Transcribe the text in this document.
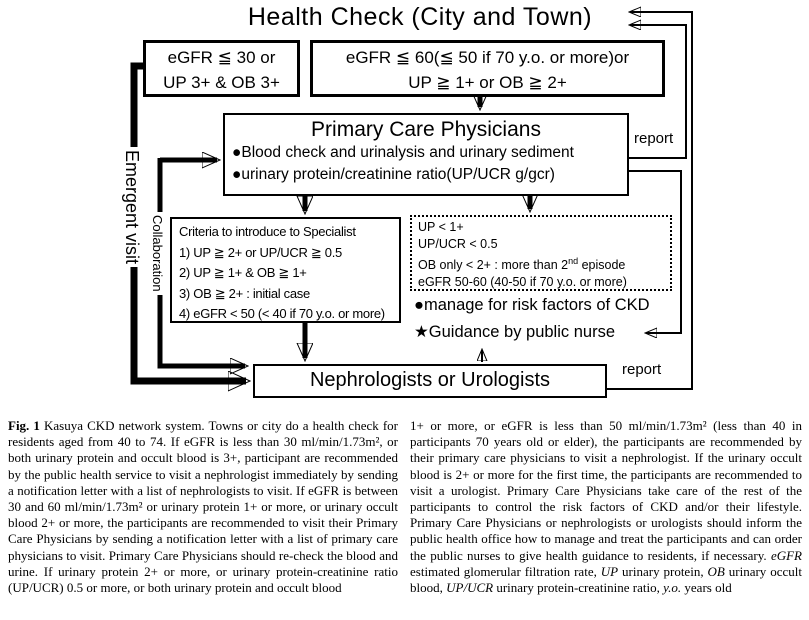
Health Check (City and Town)
eGFR ≦ 30 or
UP 3+ & OB 3+
eGFR ≦ 60(≦ 50 if 70 y.o. or more)or
UP ≧ 1+ or OB ≧ 2+
Primary Care Physicians
●Blood check and urinalysis and urinary sediment
●urinary protein/creatinine ratio(UP/UCR g/gcr)
Criteria to introduce to Specialist
1) UP ≧ 2+ or UP/UCR ≧ 0.5
2) UP ≧ 1+ & OB ≧ 1+
3) OB ≧ 2+ : initial case
4) eGFR < 50 (< 40 if 70 y.o. or more)
UP < 1+
UP/UCR < 0.5
OB only < 2+ : more than 2nd episode
eGFR 50-60 (40-50 if 70 y.o. or more)
●manage for risk factors of CKD
★Guidance by public nurse
Nephrologists or Urologists
Emergent visit Collaboration
report
report
Fig. 1 Kasuya CKD network system. Towns or city do a health check for residents aged from 40 to 74. If eGFR is less than 30 ml/min/1.73m², or both urinary protein and occult blood is 3+, participant are recommended by the public health service to visit a nephrologist immediately by sending a notification letter with a list of nephrologists to visit. If eGFR is between 30 and 60 ml/min/1.73m² or urinary protein 1+ or more, or urinary occult blood 2+ or more, the participants are recommended to visit their Primary Care Physicians by sending a notification letter with a list of primary care physicians to visit. Primary Care Physicians should re-check the blood and urine. If urinary protein 2+ or more, or urinary protein-creatinine ratio (UP/UCR) 0.5 or more, or both urinary protein and occult blood
1+ or more, or eGFR is less than 50 ml/min/1.73m² (less than 40 in participants 70 years old or elder), the participants are recommended by their primary care physicians to visit a nephrologist. If the urinary occult blood is 2+ or more for the first time, the participants are recommended to visit a urologist. Primary Care Physicians take care of the rest of the participants to control the risk factors of CKD and/or their lifestyle. Primary Care Physicians or nephrologists or urologists should inform the public health office how to manage and treat the participants and can order the public nurses to give health guidance to residents, if necessary. eGFR estimated glomerular filtration rate, UP urinary protein, OB urinary occult blood, UP/UCR urinary protein-creatinine ratio, y.o. years old
